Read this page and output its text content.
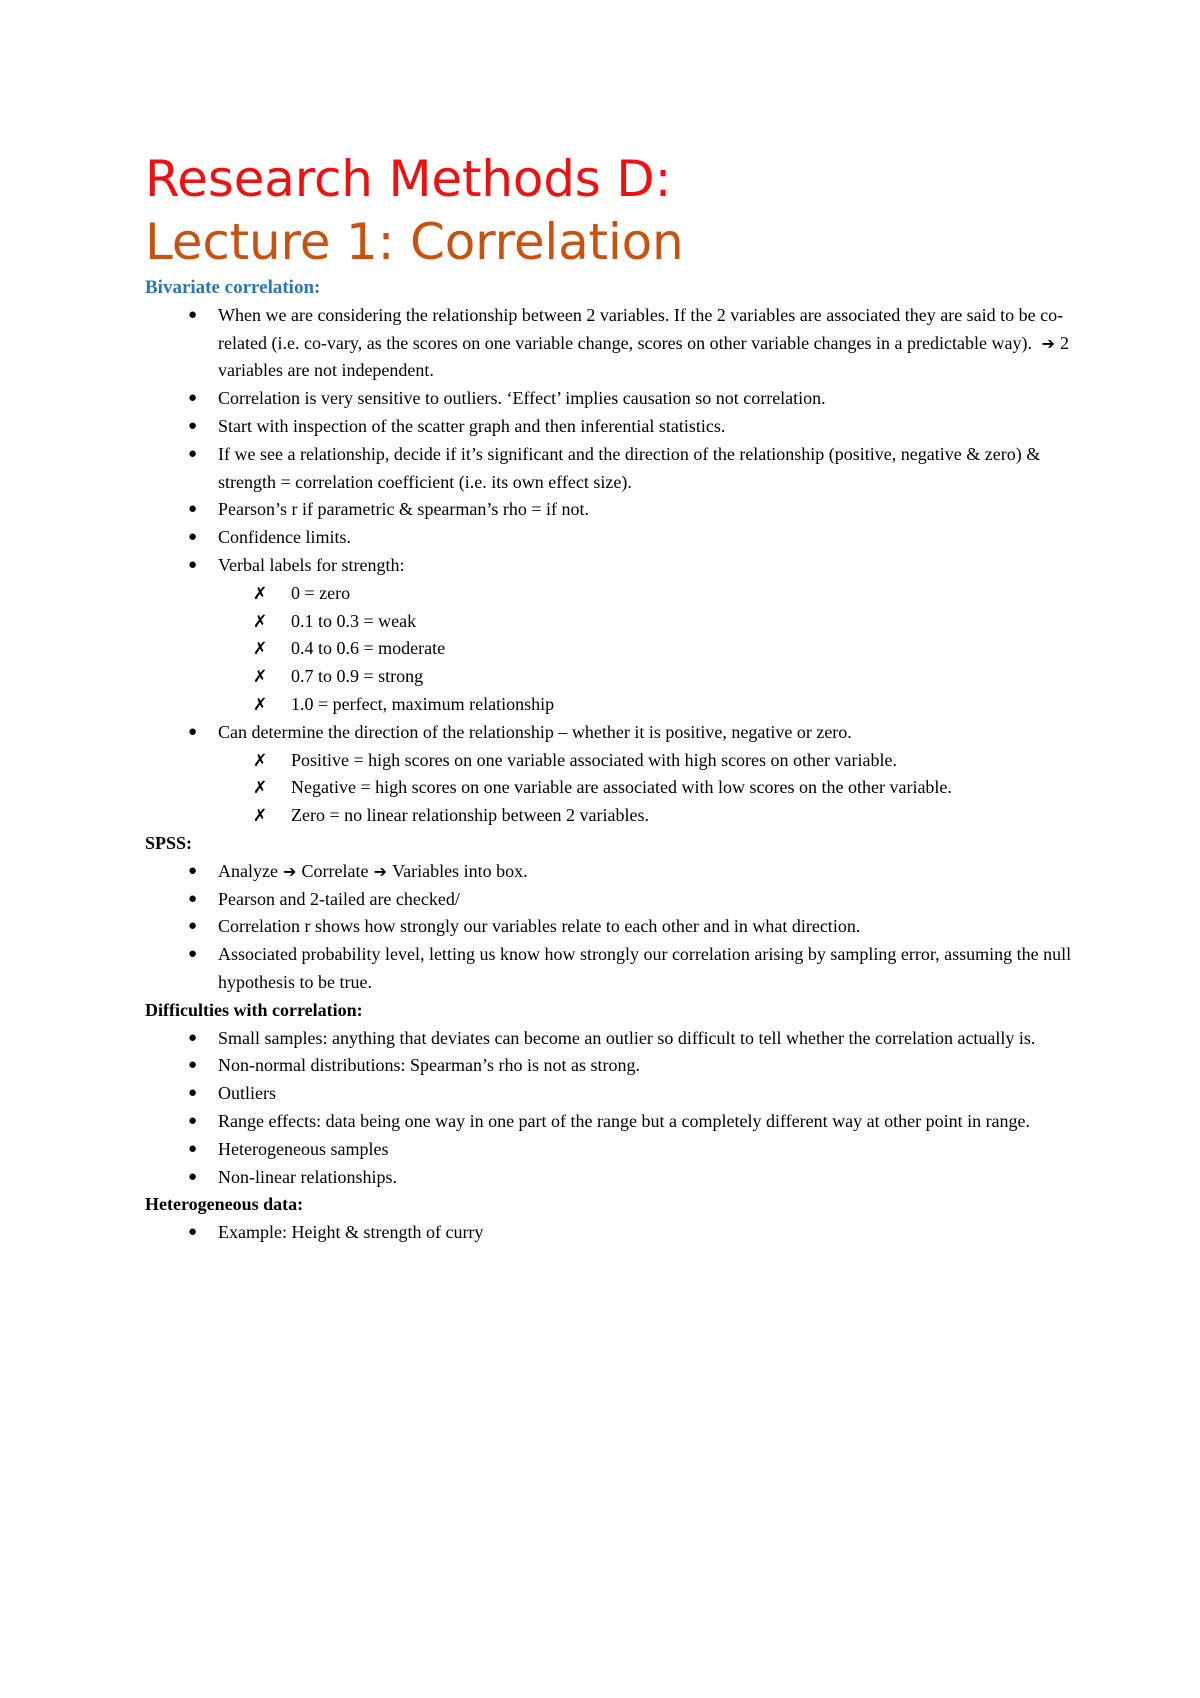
Research Methods D:
Lecture 1: Correlation
Bivariate correlation:
● When we are considering the relationship between 2 variables. If the 2 variables are associated they are said to be co-related (i.e. co-vary, as the scores on one variable change, scores on other variable changes in a predictable way).  ➔ 2 variables are not independent.
● Correlation is very sensitive to outliers. ‘Effect’ implies causation so not correlation.
● Start with inspection of the scatter graph and then inferential statistics.
● If we see a relationship, decide if it’s significant and the direction of the relationship (positive, negative & zero) & strength = correlation coefficient (i.e. its own effect size).
● Pearson’s r if parametric & spearman’s rho = if not.
● Confidence limits.
● Verbal labels for strength:
✗ 0 = zero
✗ 0.1 to 0.3 = weak
✗ 0.4 to 0.6 = moderate
✗ 0.7 to 0.9 = strong
✗ 1.0 = perfect, maximum relationship
● Can determine the direction of the relationship – whether it is positive, negative or zero.
✗ Positive = high scores on one variable associated with high scores on other variable.
✗ Negative = high scores on one variable are associated with low scores on the other variable.
✗ Zero = no linear relationship between 2 variables.
SPSS:
● Analyze ➔ Correlate ➔ Variables into box.
● Pearson and 2-tailed are checked/
● Correlation r shows how strongly our variables relate to each other and in what direction.
● Associated probability level, letting us know how strongly our correlation arising by sampling error, assuming the null hypothesis to be true.
Difficulties with correlation:
● Small samples: anything that deviates can become an outlier so difficult to tell whether the correlation actually is.
● Non-normal distributions: Spearman’s rho is not as strong.
● Outliers
● Range effects: data being one way in one part of the range but a completely different way at other point in range.
● Heterogeneous samples
● Non-linear relationships.
Heterogeneous data:
● Example: Height & strength of curry
